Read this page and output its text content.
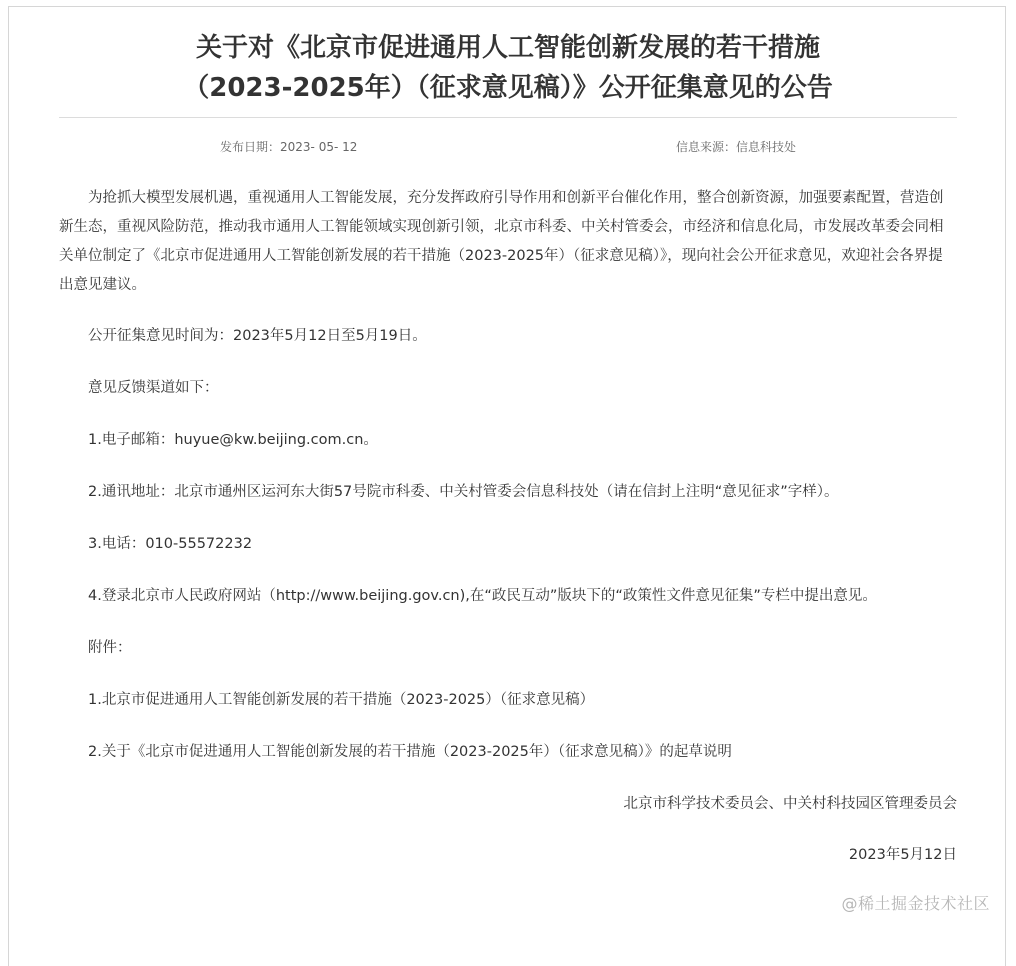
关于对《北京市促进通用人工智能创新发展的若干措施
（2023-2025年）（征求意见稿）》公开征集意见的公告
发布日期：2023- 05- 12	信息来源：信息科技处

为抢抓大模型发展机遇，重视通用人工智能发展，充分发挥政府引导作用和创新平台催化作用，整合创新资源，加强要素配置，营造创新生态，重视风险防范，推动我市通用人工智能领域实现创新引领，北京市科委、中关村管委会，市经济和信息化局，市发展改革委会同相关单位制定了《北京市促进通用人工智能创新发展的若干措施（2023-2025年）（征求意见稿）》，现向社会公开征求意见，欢迎社会各界提出意见建议。

公开征集意见时间为：2023年5月12日至5月19日。

意见反馈渠道如下：

1.电子邮箱：huyue@kw.beijing.com.cn。

2.通讯地址：北京市通州区运河东大街57号院市科委、中关村管委会信息科技处（请在信封上注明“意见征求”字样）。

3.电话：010-55572232

4.登录北京市人民政府网站（http://www.beijing.gov.cn),在“政民互动”版块下的“政策性文件意见征集”专栏中提出意见。

附件：

1.北京市促进通用人工智能创新发展的若干措施（2023-2025）（征求意见稿）

2.关于《北京市促进通用人工智能创新发展的若干措施（2023-2025年）（征求意见稿）》的起草说明

北京市科学技术委员会、中关村科技园区管理委员会

2023年5月12日

@稀土掘金技术社区
